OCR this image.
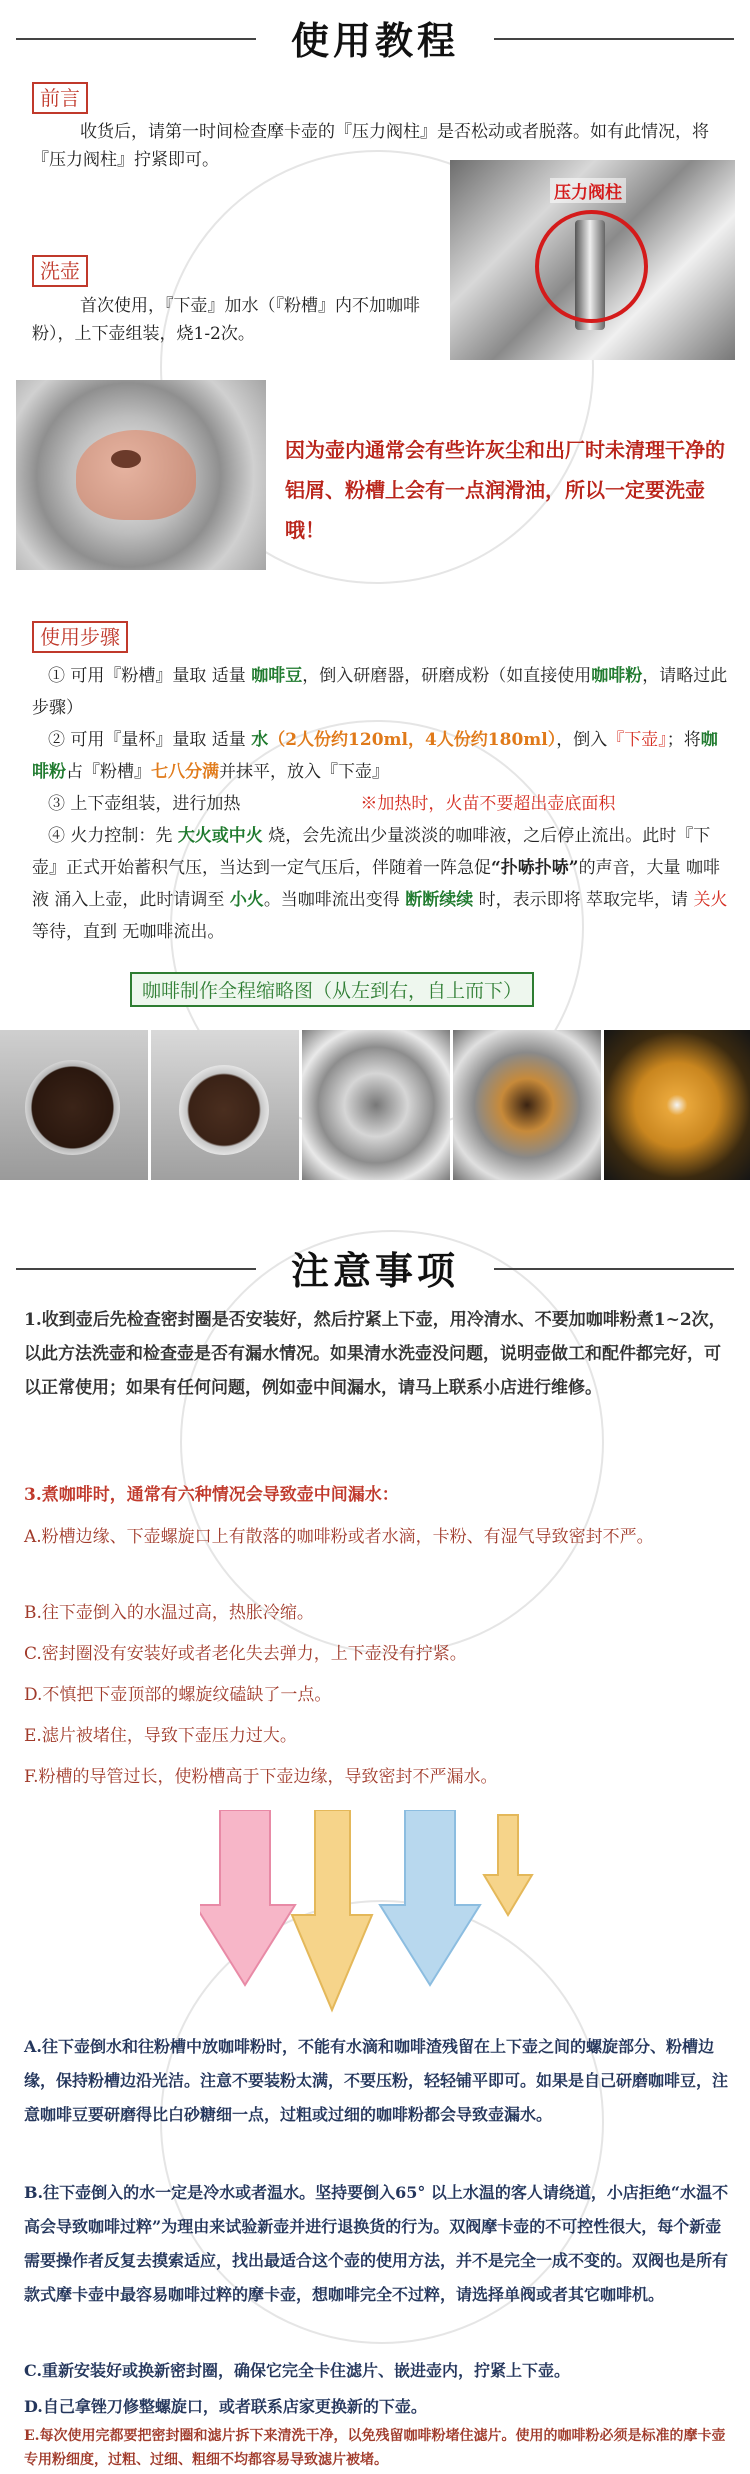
使用教程
前言
收货后，请第一时间检查摩卡壶的『压力阀柱』是否松动或者脱落。如有此情况，将『压力阀柱』拧紧即可。
压力阀柱
洗壶
首次使用，『下壶』加水（『粉槽』内不加咖啡粉），上下壶组装，烧1-2次。
因为壶内通常会有些许灰尘和出厂时未清理干净的铝屑、粉槽上会有一点润滑油，所以一定要洗壶哦！
使用步骤
① 可用『粉槽』量取 适量 咖啡豆，倒入研磨器，研磨成粉（如直接使用咖啡粉，请略过此步骤）
② 可用『量杯』量取 适量 水（2人份约120ml，4人份约180ml），倒入『下壶』；将咖啡粉占『粉槽』七八分满并抹平，放入『下壶』
③ 上下壶组装，进行加热	※加热时，火苗不要超出壶底面积
④ 火力控制：先 大火或中火 烧，会先流出少量淡淡的咖啡液，之后停止流出。此时『下壶』正式开始蓄积气压，当达到一定气压后，伴随着一阵急促“扑哧扑哧”的声音，大量 咖啡液 涌入上壶，此时请调至 小火。当咖啡流出变得 断断续续 时，表示即将 萃取完毕，请 关火 等待，直到 无咖啡流出。
咖啡制作全程缩略图（从左到右，自上而下）
注意事项
1.收到壶后先检查密封圈是否安装好，然后拧紧上下壶，用冷清水、不要加咖啡粉煮1~2次，以此方法洗壶和检查壶是否有漏水情况。如果清水洗壶没问题，说明壶做工和配件都完好，可以正常使用；如果有任何问题，例如壶中间漏水，请马上联系小店进行维修。
3.煮咖啡时，通常有六种情况会导致壶中间漏水：
A.粉槽边缘、下壶螺旋口上有散落的咖啡粉或者水滴，卡粉、有湿气导致密封不严。
B.往下壶倒入的水温过高，热胀冷缩。
C.密封圈没有安装好或者老化失去弹力，上下壶没有拧紧。
D.不慎把下壶顶部的螺旋纹磕缺了一点。
E.滤片被堵住，导致下壶压力过大。
F.粉槽的导管过长，使粉槽高于下壶边缘，导致密封不严漏水。
A.往下壶倒水和往粉槽中放咖啡粉时，不能有水滴和咖啡渣残留在上下壶之间的螺旋部分、粉槽边缘，保持粉槽边沿光洁。注意不要装粉太满，不要压粉，轻轻铺平即可。如果是自己研磨咖啡豆，注意咖啡豆要研磨得比白砂糖细一点，过粗或过细的咖啡粉都会导致壶漏水。
B.往下壶倒入的水一定是冷水或者温水。坚持要倒入65° 以上水温的客人请绕道，小店拒绝“水温不高会导致咖啡过粹”为理由来试验新壶并进行退换货的行为。双阀摩卡壶的不可控性很大，每个新壶需要操作者反复去摸索适应，找出最适合这个壶的使用方法，并不是完全一成不变的。双阀也是所有款式摩卡壶中最容易咖啡过粹的摩卡壶，想咖啡完全不过粹，请选择单阀或者其它咖啡机。
C.重新安装好或换新密封圈，确保它完全卡住滤片、嵌进壶内，拧紧上下壶。
D.自己拿锉刀修整螺旋口，或者联系店家更换新的下壶。
E.每次使用完都要把密封圈和滤片拆下来清洗干净，以免残留咖啡粉堵住滤片。使用的咖啡粉必须是标准的摩卡壶专用粉细度，过粗、过细、粗细不均都容易导致滤片被堵。
